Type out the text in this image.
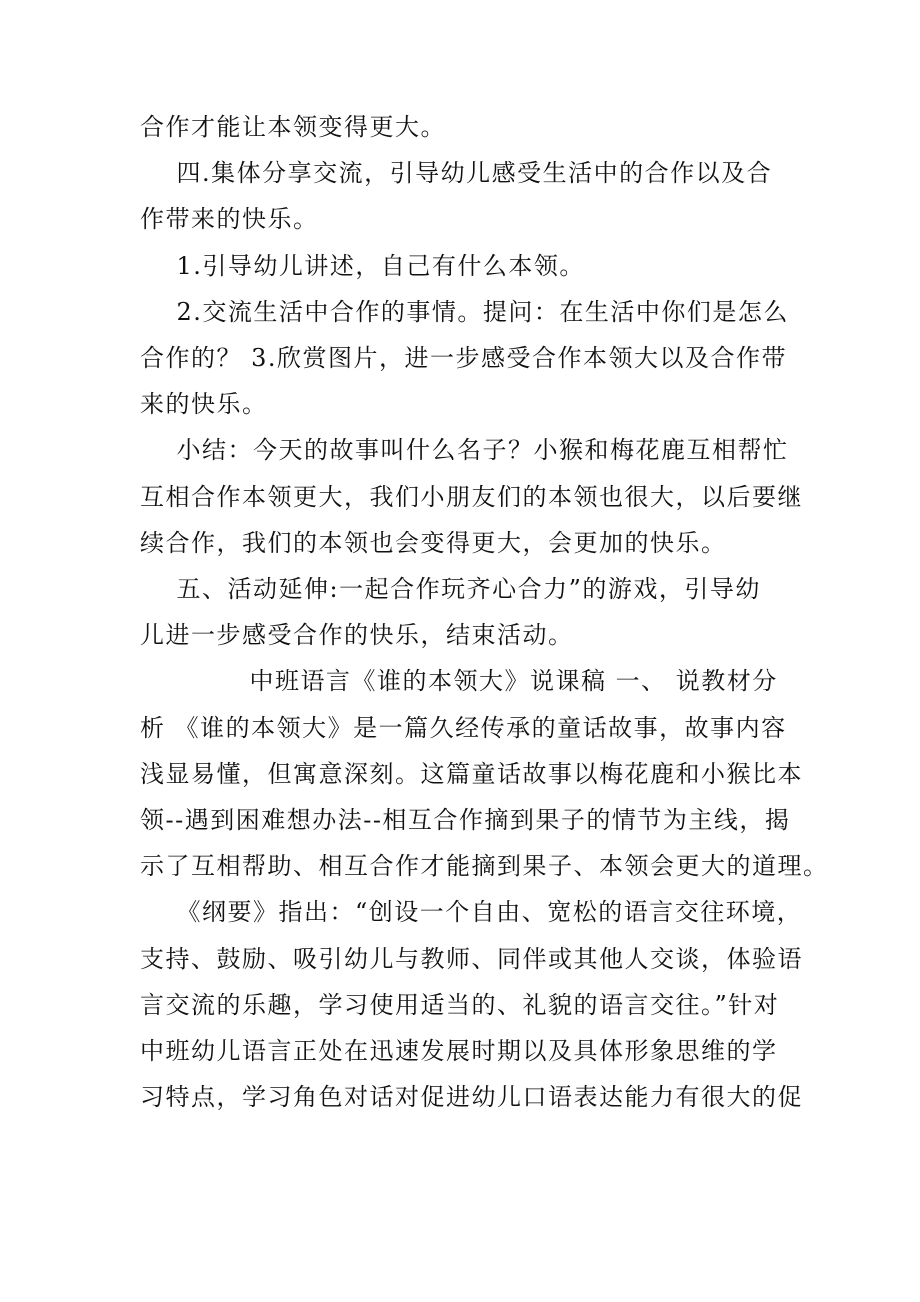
合作才能让本领变得更大。

四.集体分享交流，引导幼儿感受生活中的合作以及合

作带来的快乐。

1.引导幼儿讲述，自己有什么本领。

2.交流生活中合作的事情。提问：在生活中你们是怎么

合作的？ 3.欣赏图片，进一步感受合作本领大以及合作带

来的快乐。

小结：今天的故事叫什么名子？小猴和梅花鹿互相帮忙

互相合作本领更大，我们小朋友们的本领也很大，以后要继

续合作，我们的本领也会变得更大，会更加的快乐。

五、活动延伸:一起合作玩齐心合力”的游戏，引导幼

儿进一步感受合作的快乐，结束活动。

中班语言《谁的本领大》说课稿 一、 说教材分

析 《谁的本领大》是一篇久经传承的童话故事，故事内容

浅显易懂，但寓意深刻。这篇童话故事以梅花鹿和小猴比本

领--遇到困难想办法--相互合作摘到果子的情节为主线，揭

示了互相帮助、相互合作才能摘到果子、本领会更大的道理。

《纲要》指出：“创设一个自由、宽松的语言交往环境，

支持、鼓励、吸引幼儿与教师、同伴或其他人交谈，体验语

言交流的乐趣，学习使用适当的、礼貌的语言交往。”针对

中班幼儿语言正处在迅速发展时期以及具体形象思维的学

习特点，学习角色对话对促进幼儿口语表达能力有很大的促
